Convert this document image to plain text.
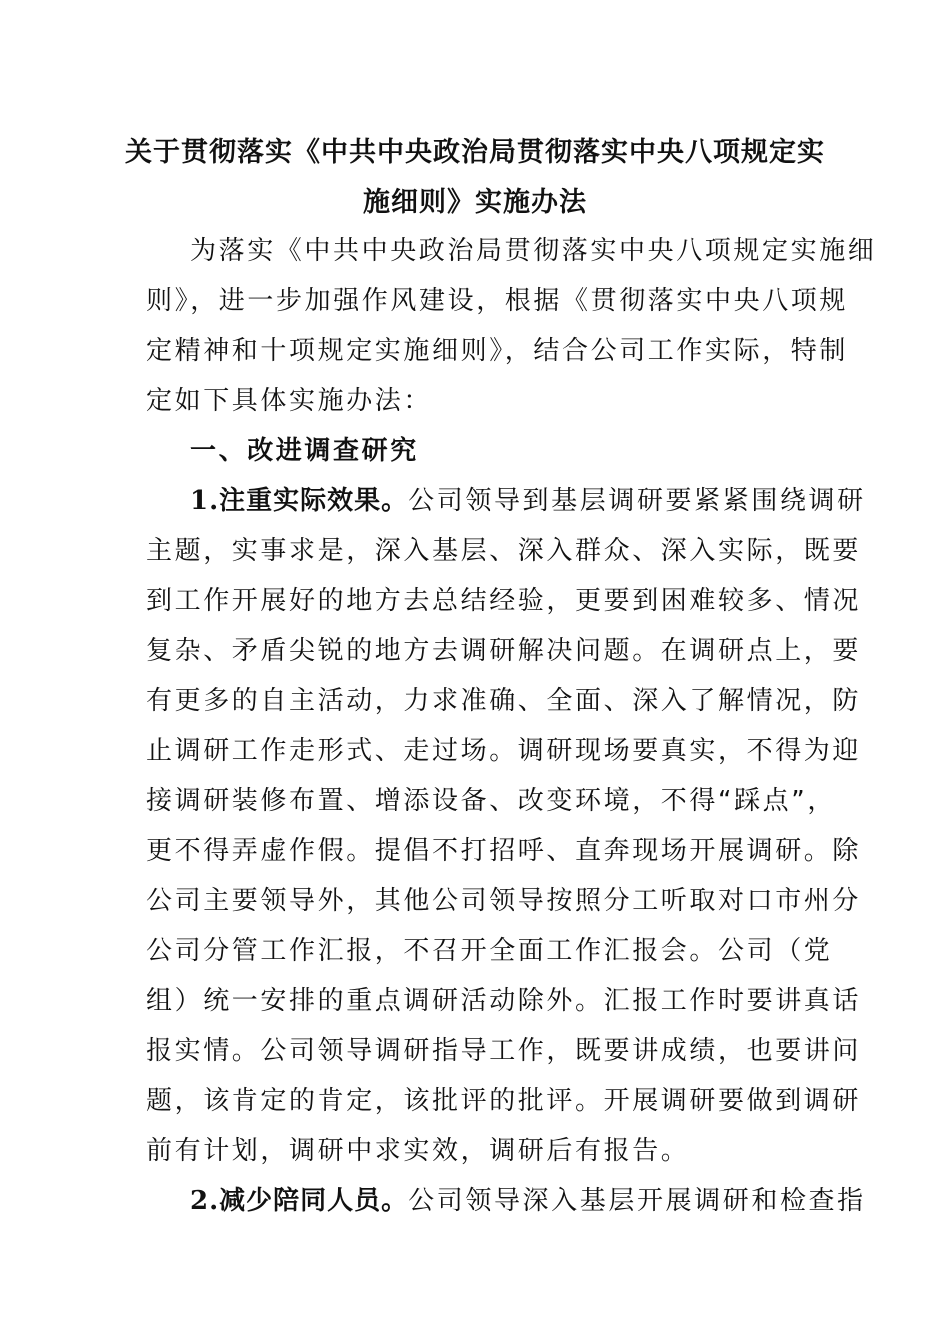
关于贯彻落实《中共中央政治局贯彻落实中央八项规定实
施细则》实施办法
为落实《中共中央政治局贯彻落实中央八项规定实施细
则》，进一步加强作风建设，根据《贯彻落实中央八项规
定精神和十项规定实施细则》，结合公司工作实际，特制
定如下具体实施办法：
一、改进调查研究
1.注重实际效果。公司领导到基层调研要紧紧围绕调研
主题，实事求是，深入基层、深入群众、深入实际，既要
到工作开展好的地方去总结经验，更要到困难较多、情况
复杂、矛盾尖锐的地方去调研解决问题。在调研点上，要
有更多的自主活动，力求准确、全面、深入了解情况，防
止调研工作走形式、走过场。调研现场要真实，不得为迎
接调研装修布置、增添设备、改变环境，不得“踩点”，
更不得弄虚作假。提倡不打招呼、直奔现场开展调研。除
公司主要领导外，其他公司领导按照分工听取对口市州分
公司分管工作汇报，不召开全面工作汇报会。公司（党
组）统一安排的重点调研活动除外。汇报工作时要讲真话
报实情。公司领导调研指导工作，既要讲成绩，也要讲问
题，该肯定的肯定，该批评的批评。开展调研要做到调研
前有计划，调研中求实效，调研后有报告。
2.减少陪同人员。公司领导深入基层开展调研和检查指
